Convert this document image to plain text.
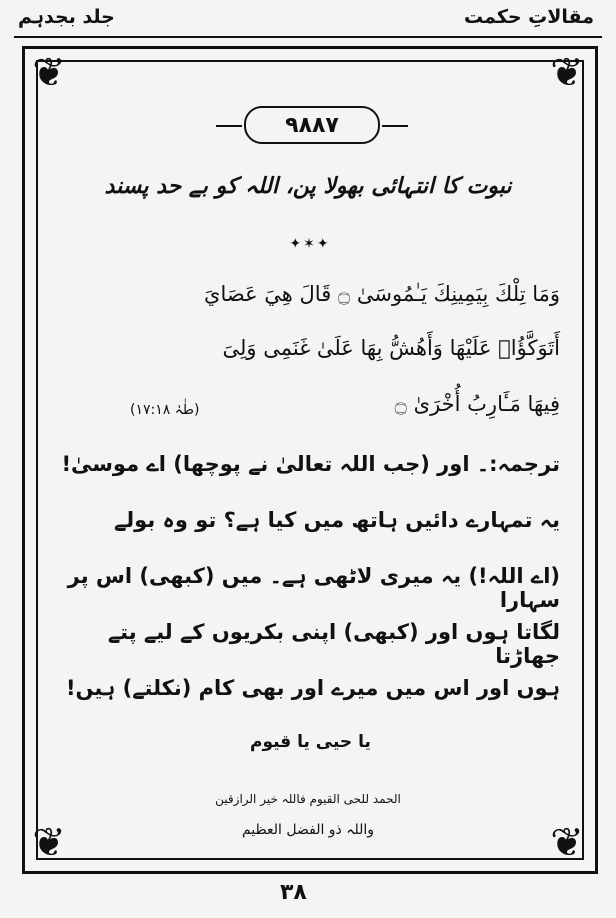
مقالاتِ حکمت
جلد بجدہم
❦	❦
❦	❦
۹۸۸۷
نبوت کا انتہائی بھولا پن، اللہ کو بے حد پسند
✦✶✦
وَمَا تِلْكَ بِيَمِينِكَ يَـٰمُوسَىٰ ۝ قَالَ هِيَ عَصَايَ
أَتَوَكَّؤُا۟ عَلَيْهَا وَأَهُشُّ بِهَا عَلَىٰ غَنَمِى وَلِىَ
فِيهَا مَـَٔارِبُ أُخْرَىٰ ۝
(طٰہٰ ۱۷:۱۸)
ترجمہ:۔ اور (جب اللہ تعالیٰ نے پوچھا) اے موسیٰ!
یہ تمہارے دائیں ہاتھ میں کیا ہے؟ تو وہ بولے
(اے اللہ!) یہ میری لاٹھی ہے۔ میں (کبھی) اس پر سہارا
لگاتا ہوں اور (کبھی) اپنی بکریوں کے لیے پتے جھاڑتا
ہوں اور اس میں میرے اور بھی کام (نکلتے) ہیں!
یا حیی یا قیوم
الحمد للحی القیوم فاللہ خیر الرازقین
واللہ ذو الفضل العظیم
۳۸
